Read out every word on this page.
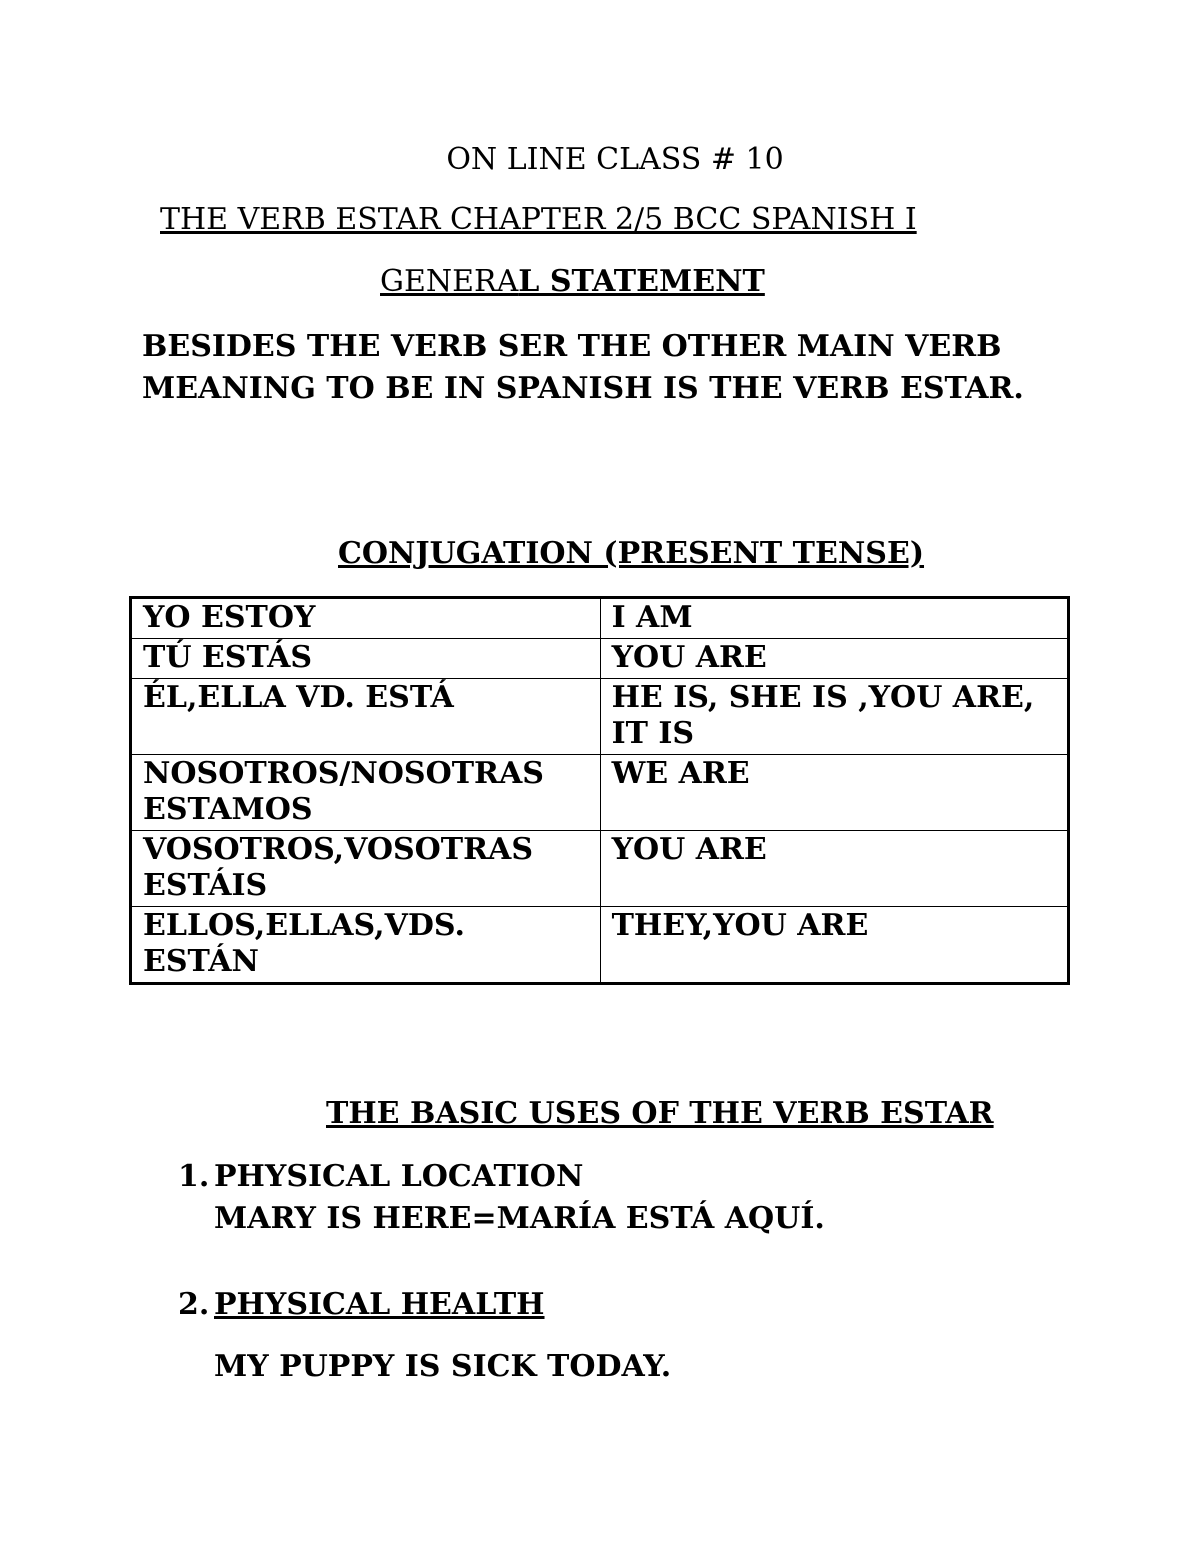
ON LINE CLASS # 10
THE VERB ESTAR CHAPTER 2/5 BCC SPANISH I
GENERAL STATEMENT
BESIDES THE VERB SER THE OTHER MAIN VERB MEANING TO BE IN SPANISH IS THE VERB ESTAR.
CONJUGATION (PRESENT TENSE)
YO ESTOY	I AM
TÚ ESTÁS	YOU ARE
ÉL,ELLA VD. ESTÁ	HE IS, SHE IS ,YOU ARE, IT IS
NOSOTROS/NOSOTRAS ESTAMOS	WE ARE
VOSOTROS,VOSOTRAS ESTÁIS	YOU ARE
ELLOS,ELLAS,VDS. ESTÁN	THEY,YOU ARE
THE BASIC USES OF THE VERB ESTAR
1. PHYSICAL LOCATION
MARY IS HERE=MARÍA ESTÁ AQUÍ.
2. PHYSICAL HEALTH
MY PUPPY IS SICK TODAY.
